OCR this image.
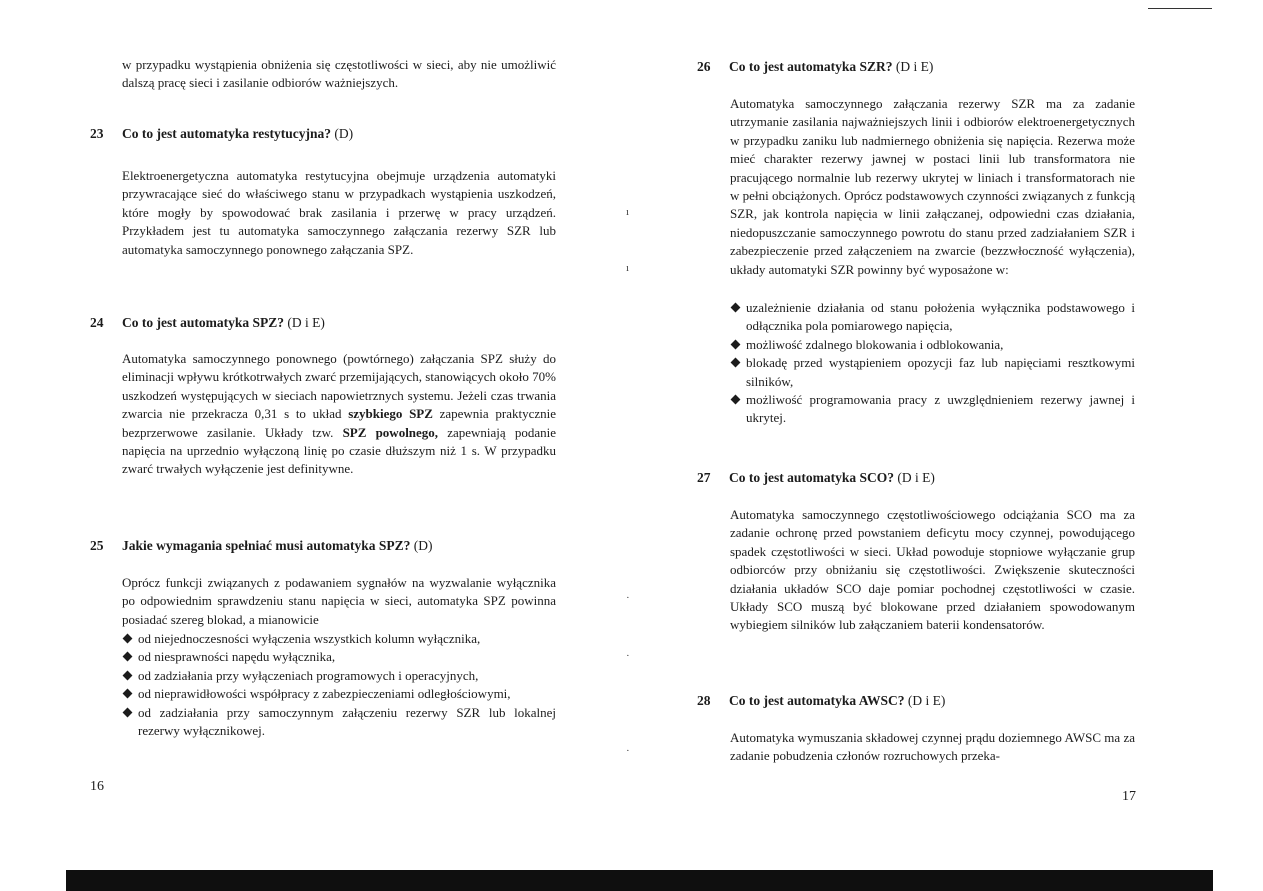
w przypadku wystąpienia obniżenia się częstotliwości w sieci, aby nie umożliwić dalszą pracę sieci i zasilanie odbiorów ważniejszych.

23 Co to jest automatyka restytucyjna? (D)

Elektroenergetyczna automatyka restytucyjna obejmuje urządzenia automatyki przywracające sieć do właściwego stanu w przypadkach wystąpienia uszkodzeń, które mogły by spowodować brak zasilania i przerwę w pracy urządzeń. Przykładem jest tu automatyka samoczynnego załączania rezerwy SZR lub automatyka samoczynnego ponownego załączania SPZ.

24 Co to jest automatyka SPZ? (D i E)

Automatyka samoczynnego ponownego (powtórnego) załączania SPZ służy do eliminacji wpływu krótkotrwałych zwarć przemijających, stanowiących około 70% uszkodzeń występujących w sieciach napowietrznych systemu. Jeżeli czas trwania zwarcia nie przekracza 0,31 s to układ szybkiego SPZ zapewnia praktycznie bezprzerwowe zasilanie. Układy tzw. SPZ powolnego, zapewniają podanie napięcia na uprzednio wyłączoną linię po czasie dłuższym niż 1 s. W przypadku zwarć trwałych wyłączenie jest definitywne.

25 Jakie wymagania spełniać musi automatyka SPZ? (D)

Oprócz funkcji związanych z podawaniem sygnałów na wyzwalanie wyłącznika po odpowiednim sprawdzeniu stanu napięcia w sieci, automatyka SPZ powinna posiadać szereg blokad, a mianowicie

od niejednoczesności wyłączenia wszystkich kolumn wyłącznika,
od niesprawności napędu wyłącznika,
od zadziałania przy wyłączeniach programowych i operacyjnych,
od nieprawidłowości współpracy z zabezpieczeniami odległościowymi,
od zadziałania przy samoczynnym załączeniu rezerwy SZR lub lokalnej rezerwy wyłącznikowej.
16
ı
ı
·
·
·
26 Co to jest automatyka SZR? (D i E)

Automatyka samoczynnego załączania rezerwy SZR ma za zadanie utrzymanie zasilania najważniejszych linii i odbiorów elektroenergetycznych w przypadku zaniku lub nadmiernego obniżenia się napięcia. Rezerwa może mieć charakter rezerwy jawnej w postaci linii lub transformatora nie pracującego normalnie lub rezerwy ukrytej w liniach i transformatorach nie w pełni obciążonych. Oprócz podstawowych czynności związanych z funkcją SZR, jak kontrola napięcia w linii załączanej, odpowiedni czas działania, niedopuszczanie samoczynnego powrotu do stanu przed zadziałaniem SZR i zabezpieczenie przed załączeniem na zwarcie (bezzwłoczność wyłączenia), układy automatyki SZR powinny być wyposażone w:

uzależnienie działania od stanu położenia wyłącznika podstawowego i odłącznika pola pomiarowego napięcia,
możliwość zdalnego blokowania i odblokowania,
blokadę przed wystąpieniem opozycji faz lub napięciami resztkowymi silników,
możliwość programowania pracy z uwzględnieniem rezerwy jawnej i ukrytej.
27 Co to jest automatyka SCO? (D i E)

Automatyka samoczynnego częstotliwościowego odciążania SCO ma za zadanie ochronę przed powstaniem deficytu mocy czynnej, powodującego spadek częstotliwości w sieci. Układ powoduje stopniowe wyłączanie grup odbiorców przy obniżaniu się częstotliwości. Zwiększenie skuteczności działania układów SCO daje pomiar pochodnej częstotliwości w czasie. Układy SCO muszą być blokowane przed działaniem spowodowanym wybiegiem silników lub załączaniem baterii kondensatorów.

28 Co to jest automatyka AWSC? (D i E)

Automatyka wymuszania składowej czynnej prądu doziemnego AWSC ma za zadanie pobudzenia członów rozruchowych przeka-

17
